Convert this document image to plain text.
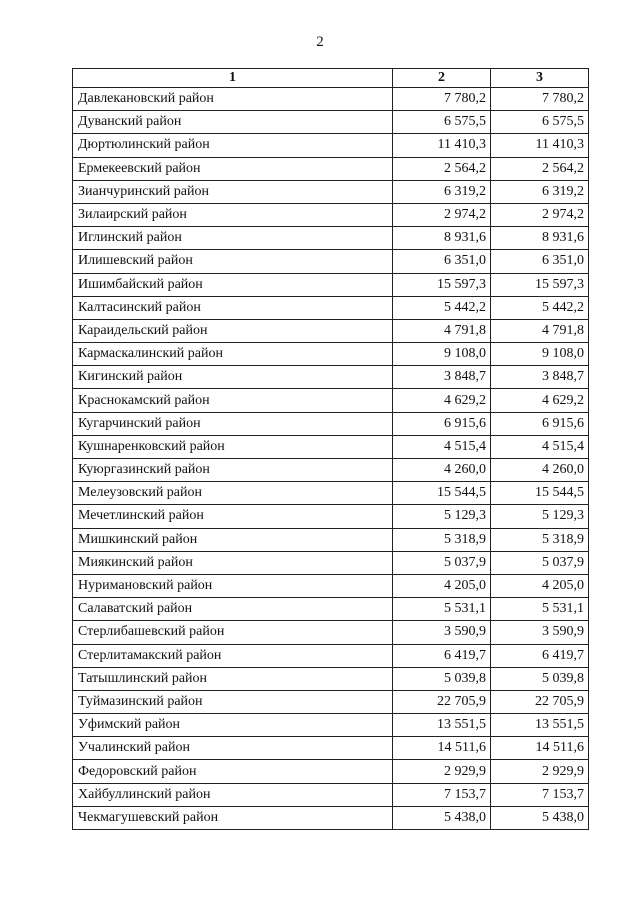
2
1	2	3
Давлекановский район	7 780,2	7 780,2
Дуванский район	6 575,5	6 575,5
Дюртюлинский район	11 410,3	11 410,3
Ермекеевский район	2 564,2	2 564,2
Зианчуринский район	6 319,2	6 319,2
Зилаирский район	2 974,2	2 974,2
Иглинский район	8 931,6	8 931,6
Илишевский район	6 351,0	6 351,0
Ишимбайский район	15 597,3	15 597,3
Калтасинский район	5 442,2	5 442,2
Караидельский район	4 791,8	4 791,8
Кармаскалинский район	9 108,0	9 108,0
Кигинский район	3 848,7	3 848,7
Краснокамский район	4 629,2	4 629,2
Кугарчинский район	6 915,6	6 915,6
Кушнаренковский район	4 515,4	4 515,4
Куюргазинский район	4 260,0	4 260,0
Мелеузовский район	15 544,5	15 544,5
Мечетлинский район	5 129,3	5 129,3
Мишкинский район	5 318,9	5 318,9
Миякинский район	5 037,9	5 037,9
Нуримановский район	4 205,0	4 205,0
Салаватский район	5 531,1	5 531,1
Стерлибашевский район	3 590,9	3 590,9
Стерлитамакский район	6 419,7	6 419,7
Татышлинский район	5 039,8	5 039,8
Туймазинский район	22 705,9	22 705,9
Уфимский район	13 551,5	13 551,5
Учалинский район	14 511,6	14 511,6
Федоровский район	2 929,9	2 929,9
Хайбуллинский район	7 153,7	7 153,7
Чекмагушевский район	5 438,0	5 438,0
